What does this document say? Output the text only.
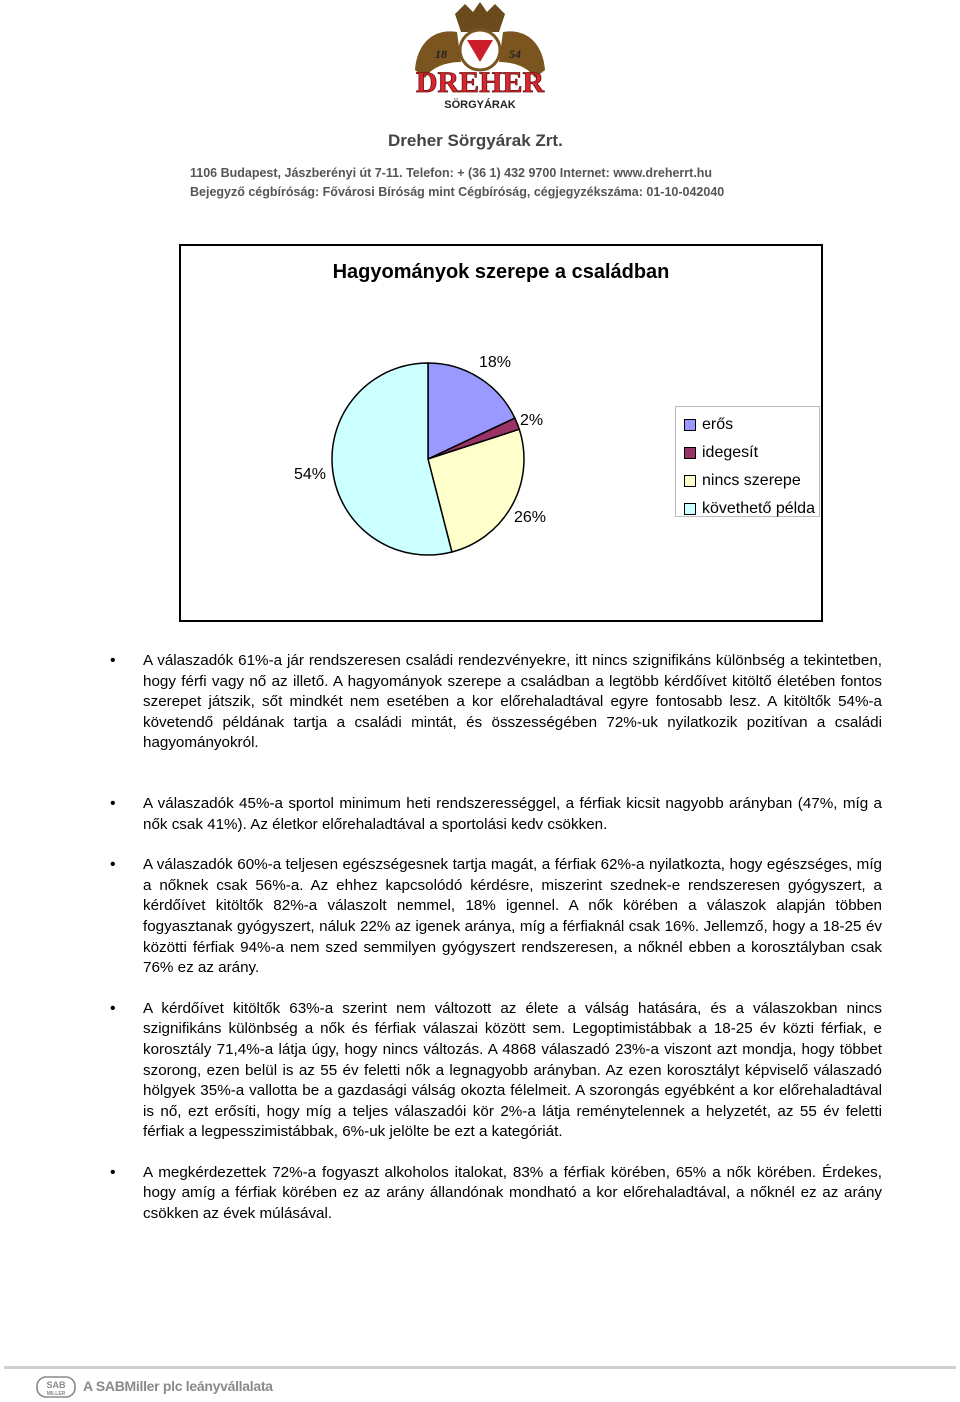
18	54
DREHER
SÖRGYÁRAK
Dreher Sörgyárak Zrt.
1106 Budapest, Jászberényi út 7-11. Telefon: + (36 1) 432 9700 Internet: www.dreherrt.hu
Bejegyző cégbíróság: Fővárosi Bíróság mint Cégbíróság, cégjegyzékszáma: 01-10-042040
Hagyományok szerepe a családban
18%
2%
26%
54%
erős
idegesít
nincs szerepe
követhető példa
• A válaszadók 61%-a jár rendszeresen családi rendezvényekre, itt nincs szignifikáns különbség a tekintetben, hogy férfi vagy nő az illető. A hagyományok szerepe a családban a legtöbb kérdőívet kitöltő életében fontos szerepet játszik, sőt mindkét nem esetében a kor előrehaladtával egyre fontosabb lesz. A kitöltők 54%-a követendő példának tartja a családi mintát, és összességében 72%-uk nyilatkozik pozitívan a családi hagyományokról.
• A válaszadók 45%-a sportol minimum heti rendszerességgel, a férfiak kicsit nagyobb arányban (47%, míg a nők csak 41%). Az életkor előrehaladtával a sportolási kedv csökken.
• A válaszadók 60%-a teljesen egészségesnek tartja magát, a férfiak 62%-a nyilatkozta, hogy egészséges, míg a nőknek csak 56%-a. Az ehhez kapcsolódó kérdésre, miszerint szednek-e rendszeresen gyógyszert, a kérdőívet kitöltők 82%-a válaszolt nemmel, 18% igennel. A nők körében a válaszok alapján többen fogyasztanak gyógyszert, náluk 22% az igenek aránya, míg a férfiaknál csak 16%. Jellemző, hogy a 18-25 év közötti férfiak 94%-a nem szed semmilyen gyógyszert rendszeresen, a nőknél ebben a korosztályban csak 76% ez az arány.
• A kérdőívet kitöltők 63%-a szerint nem változott az élete a válság hatására, és a válaszokban nincs szignifikáns különbség a nők és férfiak válaszai között sem. Legoptimistábbak a 18-25 év közti férfiak, e korosztály 71,4%-a látja úgy, hogy nincs változás. A 4868 válaszadó 23%-a viszont azt mondja, hogy többet szorong, ezen belül is az 55 év feletti nők a legnagyobb arányban. Az ezen korosztályt képviselő válaszadó hölgyek 35%-a vallotta be a gazdasági válság okozta félelmeit. A szorongás egyébként a kor előrehaladtával is nő, ezt erősíti, hogy míg a teljes válaszadói kör 2%-a látja reménytelennek a helyzetét, az 55 év feletti férfiak a legpesszimistábbak, 6%-uk jelölte be ezt a kategóriát.
• A megkérdezettek 72%-a fogyaszt alkoholos italokat, 83% a férfiak körében, 65% a nők körében. Érdekes, hogy amíg a férfiak körében ez az arány állandónak mondható a kor előrehaladtával, a nőknél ez az arány csökken az évek múlásával.
SAB
MILLER A SABMiller plc leányvállalata
